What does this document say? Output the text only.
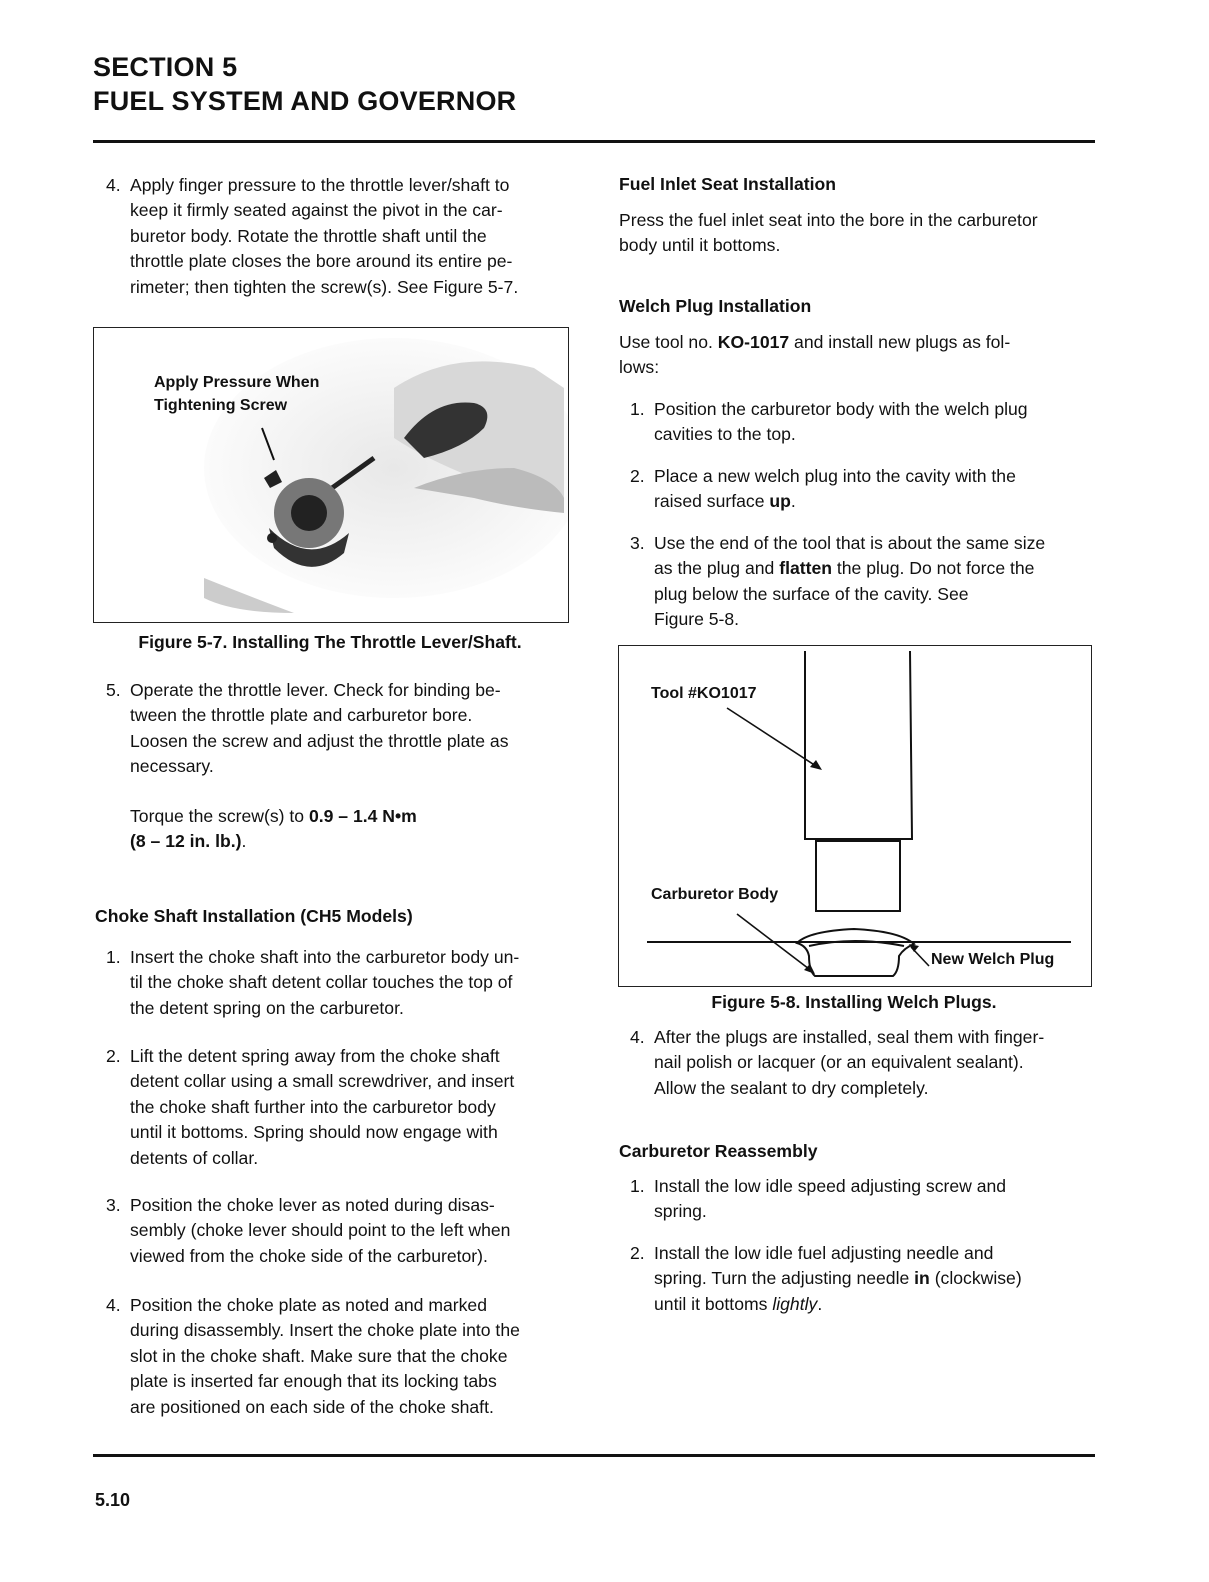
SECTION 5
FUEL SYSTEM AND GOVERNOR
4. Apply finger pressure to the throttle lever/shaft to
keep it firmly seated against the pivot in the car-
buretor body. Rotate the throttle shaft until the
throttle plate closes the bore around its entire pe-
rimeter; then tighten the screw(s). See Figure 5-7.
Apply Pressure When
Tightening Screw
Figure 5-7. Installing The Throttle Lever/Shaft.
5. Operate the throttle lever. Check for binding be-
tween the throttle plate and carburetor bore.
Loosen the screw and adjust the throttle plate as
necessary.
Torque the screw(s) to 0.9 – 1.4 N•m
(8 – 12 in. lb.).
Choke Shaft Installation (CH5 Models)
1. Insert the choke shaft into the carburetor body un-
til the choke shaft detent collar touches the top of
the detent spring on the carburetor.
2. Lift the detent spring away from the choke shaft
detent collar using a small screwdriver, and insert
the choke shaft further into the carburetor body
until it bottoms. Spring should now engage with
detents of collar.
3. Position the choke lever as noted during disas-
sembly (choke lever should point to the left when
viewed from the choke side of the carburetor).
4. Position the choke plate as noted and marked
during disassembly. Insert the choke plate into the
slot in the choke shaft. Make sure that the choke
plate is inserted far enough that its locking tabs
are positioned on each side of the choke shaft.
Fuel Inlet Seat Installation
Press the fuel inlet seat into the bore in the carburetor
body until it bottoms.
Welch Plug Installation
Use tool no. KO-1017 and install new plugs as fol-
lows:
1. Position the carburetor body with the welch plug
cavities to the top.
2. Place a new welch plug into the cavity with the
raised surface up.
3. Use the end of the tool that is about the same size
as the plug and flatten the plug. Do not force the
plug below the surface of the cavity. See
Figure 5-8.
Tool #KO1017
Carburetor Body
New Welch Plug
Figure 5-8. Installing Welch Plugs.
4. After the plugs are installed, seal them with finger-
nail polish or lacquer (or an equivalent sealant).
Allow the sealant to dry completely.
Carburetor Reassembly
1. Install the low idle speed adjusting screw and
spring.
2. Install the low idle fuel adjusting needle and
spring. Turn the adjusting needle in (clockwise)
until it bottoms lightly.
5.10
